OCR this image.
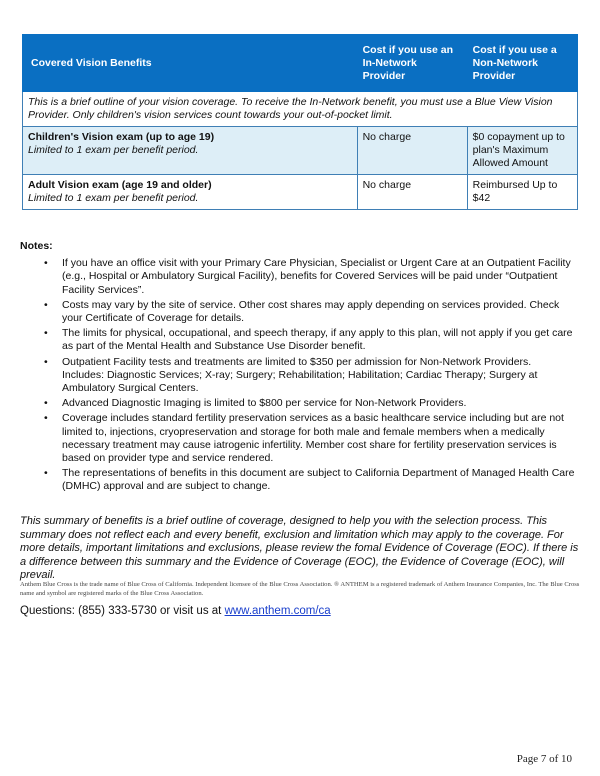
Covered Vision Benefits	Cost if you use an In-Network Provider	Cost if you use a Non-Network Provider
This is a brief outline of your vision coverage. To receive the In-Network benefit, you must use a Blue View Vision Provider. Only children's vision services count towards your out-of-pocket limit.		

Children's Vision exam (up to age 19)
Limited to 1 exam per benefit period.	No charge	$0 copayment up to plan's Maximum Allowed Amount

Adult Vision exam (age 19 and older)
Limited to 1 exam per benefit period.	No charge	Reimbursed Up to $42
Notes:
• If you have an office visit with your Primary Care Physician, Specialist or Urgent Care at an Outpatient Facility (e.g., Hospital or Ambulatory Surgical Facility), benefits for Covered Services will be paid under “Outpatient Facility Services”.
• Costs may vary by the site of service. Other cost shares may apply depending on services provided. Check your Certificate of Coverage for details.
• The limits for physical, occupational, and speech therapy, if any apply to this plan, will not apply if you get care as part of the Mental Health and Substance Use Disorder benefit.
• Outpatient Facility tests and treatments are limited to $350 per admission for Non-Network Providers. Includes: Diagnostic Services; X-ray; Surgery; Rehabilitation; Habilitation; Cardiac Therapy; Surgery at Ambulatory Surgical Centers.
• Advanced Diagnostic Imaging is limited to $800 per service for Non-Network Providers.
• Coverage includes standard fertility preservation services as a basic healthcare service including but are not limited to, injections, cryopreservation and storage for both male and female members when a medically necessary treatment may cause iatrogenic infertility. Member cost share for fertility preservation services is based on provider type and service rendered.
• The representations of benefits in this document are subject to California Department of Managed Health Care (DMHC) approval and are subject to change.
This summary of benefits is a brief outline of coverage, designed to help you with the selection process. This summary does not reflect each and every benefit, exclusion and limitation which may apply to the coverage. For more details, important limitations and exclusions, please review the fomal Evidence of Coverage (EOC). If there is a difference between this summary and the Evidence of Coverage (EOC), the Evidence of Coverage (EOC), will prevail.
Anthem Blue Cross is the trade name of Blue Cross of California. Independent licensee of the Blue Cross Association. ® ANTHEM is a registered trademark of Anthem Insurance Companies, Inc. The Blue Cross name and symbol are registered marks of the Blue Cross Association.
Questions: (855) 333-5730 or visit us at www.anthem.com/ca
Page 7 of 10
